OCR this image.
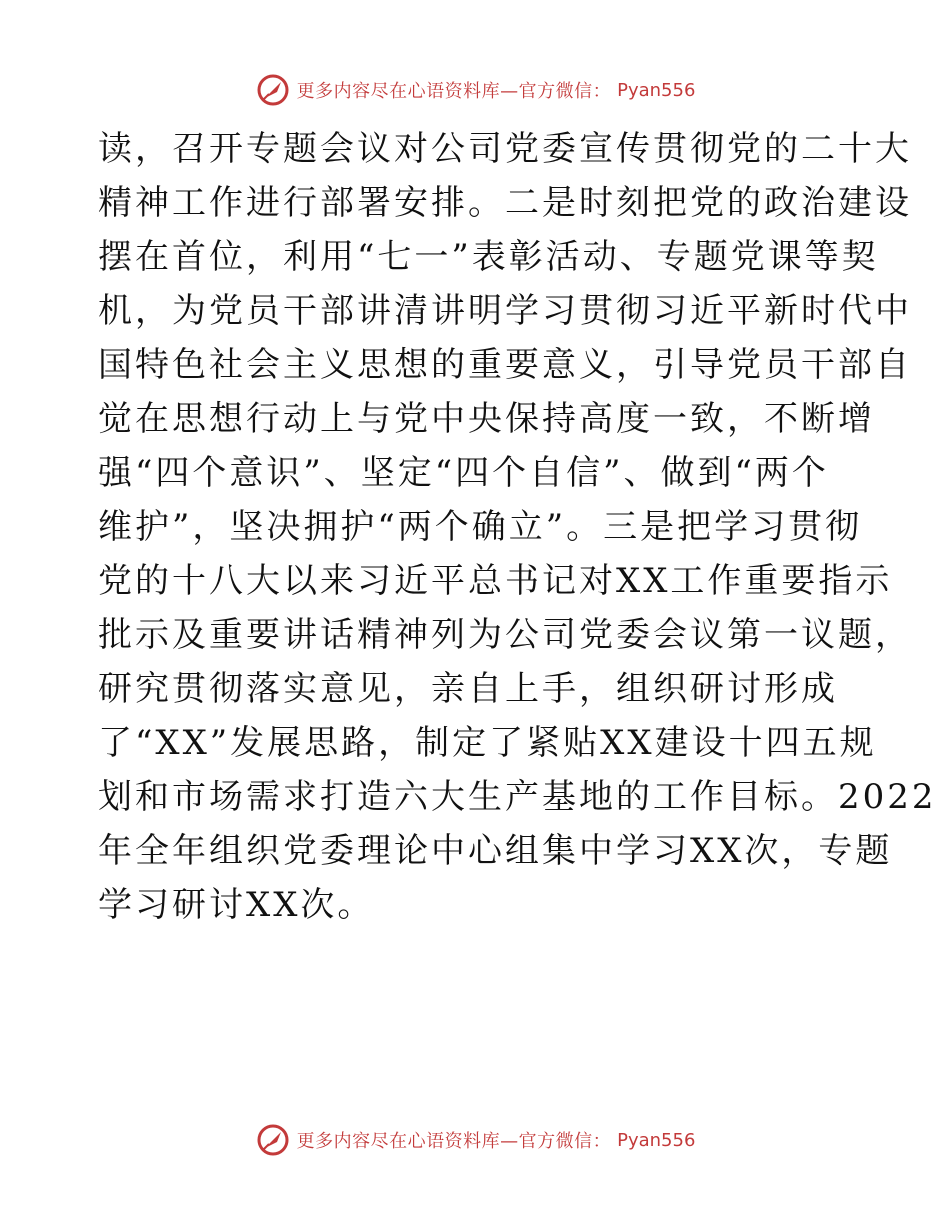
更多内容尽在心语资料库—官方微信： Pyan556
读，召开专题会议对公司党委宣传贯彻党的二十大
精神工作进行部署安排。二是时刻把党的政治建设
摆在首位，利用“七一”表彰活动、专题党课等契
机，为党员干部讲清讲明学习贯彻习近平新时代中
国特色社会主义思想的重要意义，引导党员干部自
觉在思想行动上与党中央保持高度一致，不断增
强“四个意识”、坚定“四个自信”、做到“两个
维护”，坚决拥护“两个确立”。三是把学习贯彻
党的十八大以来习近平总书记对XX工作重要指示
批示及重要讲话精神列为公司党委会议第一议题，
研究贯彻落实意见，亲自上手，组织研讨形成
了“XX”发展思路，制定了紧贴XX建设十四五规
划和市场需求打造六大生产基地的工作目标。2022
年全年组织党委理论中心组集中学习XX次，专题
学习研讨XX次。
更多内容尽在心语资料库—官方微信： Pyan556
